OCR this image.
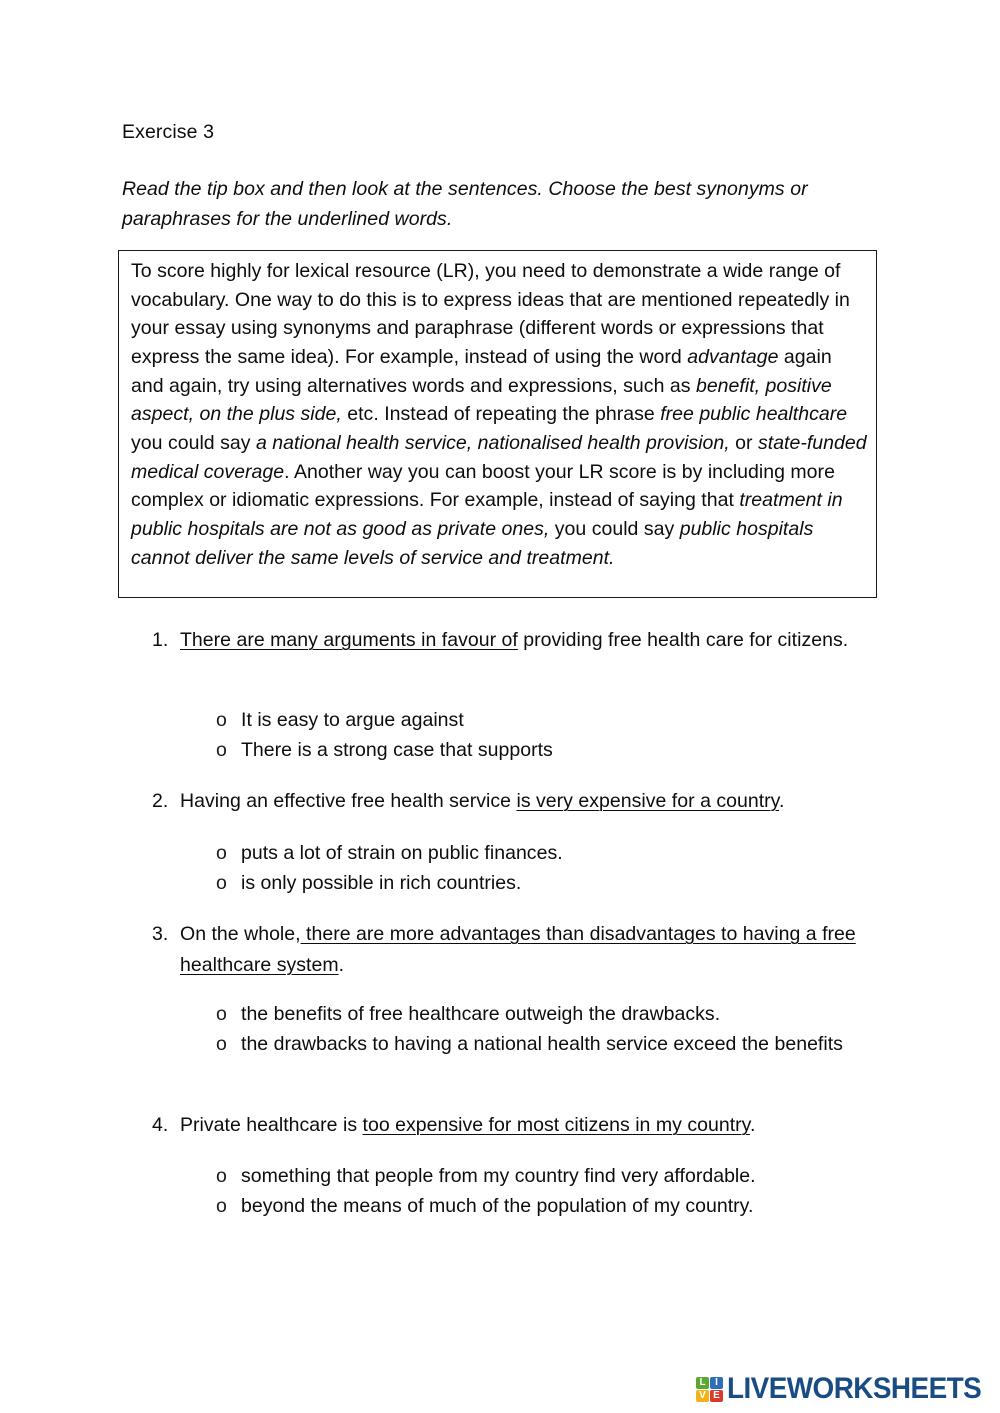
Exercise 3
Read the tip box and then look at the sentences. Choose the best synonyms or paraphrases for the underlined words.
To score highly for lexical resource (LR), you need to demonstrate a wide range of vocabulary. One way to do this is to express ideas that are mentioned repeatedly in your essay using synonyms and paraphrase (different words or expressions that express the same idea). For example, instead of using the word advantage again and again, try using alternatives words and expressions, such as benefit, positive aspect, on the plus side, etc. Instead of repeating the phrase free public healthcare you could say a national health service, nationalised health provision, or state-funded medical coverage. Another way you can boost your LR score is by including more complex or idiomatic expressions. For example, instead of saying that treatment in public hospitals are not as good as private ones, you could say public hospitals cannot deliver the same levels of service and treatment.
1. There are many arguments in favour of providing free health care for citizens.
o It is easy to argue against
o There is a strong case that supports
2. Having an effective free health service is very expensive for a country.
o puts a lot of strain on public finances.
o is only possible in rich countries.
3. On the whole, there are more advantages than disadvantages to having a free healthcare system.
o the benefits of free healthcare outweigh the drawbacks.
o the drawbacks to having a national health service exceed the benefits
4. Private healthcare is too expensive for most citizens in my country.
o something that people from my country find very affordable.
o beyond the means of much of the population of my country.
L I
V E LIVEWORKSHEETS
